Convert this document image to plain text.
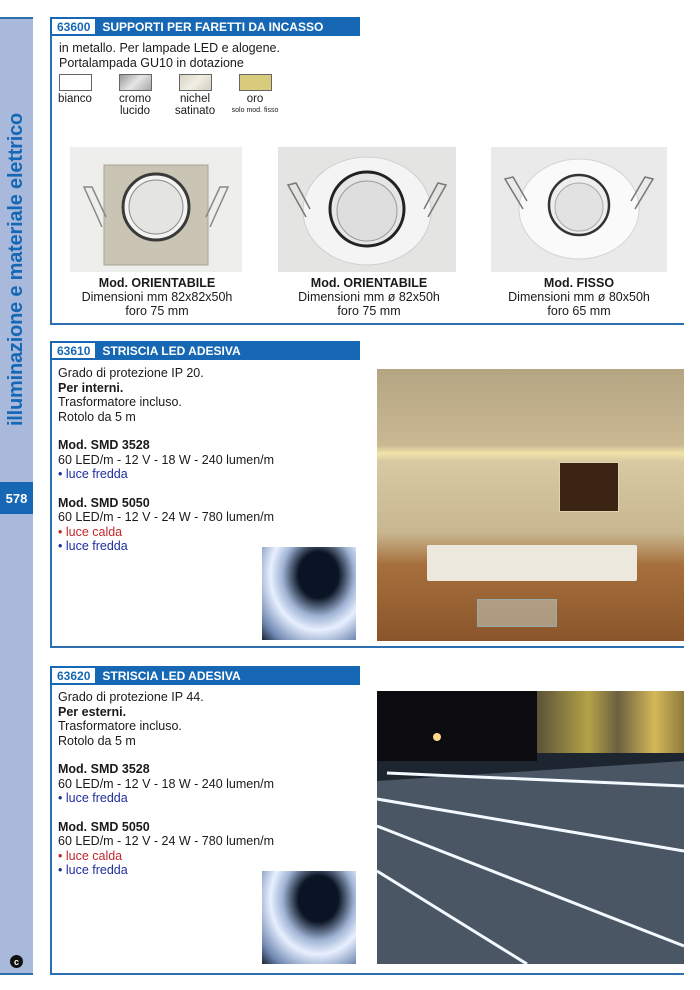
illuminazione e materiale elettrico
578
c
63600	SUPPORTI PER FARETTI DA INCASSO
in metallo. Per lampade LED e alogene.
Portalampada GU10 in dotazione
bianco cromo
lucido
nichel
satinato
oro
solo mod. fisso
Mod. ORIENTABILE
Dimensioni mm 82x82x50h
foro 75 mm
Mod. ORIENTABILE
Dimensioni mm ø 82x50h
foro 75 mm
Mod. FISSO
Dimensioni mm ø 80x50h
foro 65 mm
63610	STRISCIA LED ADESIVA
Grado di protezione IP 20.
Per interni.
Trasformatore incluso.
Rotolo da 5 m
Mod. SMD 3528
60 LED/m - 12 V - 18 W - 240 lumen/m
• luce fredda
Mod. SMD 5050
60 LED/m - 12 V - 24 W - 780 lumen/m
• luce calda
• luce fredda
63620	STRISCIA LED ADESIVA
Grado di protezione IP 44.
Per esterni.
Trasformatore incluso.
Rotolo da 5 m
Mod. SMD 3528
60 LED/m - 12 V - 18 W - 240 lumen/m
• luce fredda
Mod. SMD 5050
60 LED/m - 12 V - 24 W - 780 lumen/m
• luce calda
• luce fredda
